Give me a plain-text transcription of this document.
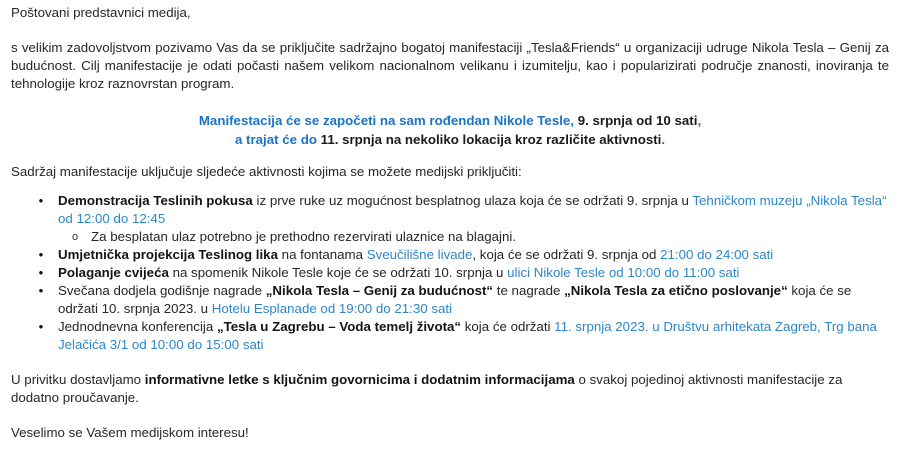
Poštovani predstavnici medija,

s velikim zadovoljstvom pozivamo Vas da se priključite sadržajno bogatoj manifestaciji „Tesla&Friends“ u organizaciji udruge Nikola Tesla – Genij za budućnost. Cilj manifestacije je odati počasti našem velikom nacionalnom velikanu i izumitelju, kao i popularizirati područje znanosti, inoviranja te tehnologije kroz raznovrstan program.

Manifestacija će se započeti na sam rođendan Nikole Tesle, 9. srpnja od 10 sati,
a trajat će do 11. srpnja na nekoliko lokacija kroz različite aktivnosti.

Sadržaj manifestacije uključuje sljedeće aktivnosti kojima se možete medijski priključiti:

• Demonstracija Teslinih pokusa iz prve ruke uz mogućnost besplatnog ulaza koja će se održati 9. srpnja u Tehničkom muzeju „Nikola Tesla“ od 12:00 do 12:45
o Za besplatan ulaz potrebno je prethodno rezervirati ulaznice na blagajni.
• Umjetnička projekcija Teslinog lika na fontanama Sveučilišne livade, koja će se održati 9. srpnja od 21:00 do 24:00 sati
• Polaganje cvijeća na spomenik Nikole Tesle koje će se održati 10. srpnja u ulici Nikole Tesle od 10:00 do 11:00 sati
• Svečana dodjela godišnje nagrade „Nikola Tesla – Genij za budućnost“ te nagrade „Nikola Tesla za etično poslovanje“ koja će se održati 10. srpnja 2023. u Hotelu Esplanade od 19:00 do 21:30 sati
• Jednodnevna konferencija „Tesla u Zagrebu – Voda temelj života“ koja će održati 11. srpnja 2023. u Društvu arhitekata Zagreb, Trg bana Jelačića 3/1 od 10:00 do 15:00 sati

U privitku dostavljamo informativne letke s ključnim govornicima i dodatnim informacijama o svakoj pojedinoj aktivnosti manifestacije za dodatno proučavanje.

Veselimo se Vašem medijskom interesu!
